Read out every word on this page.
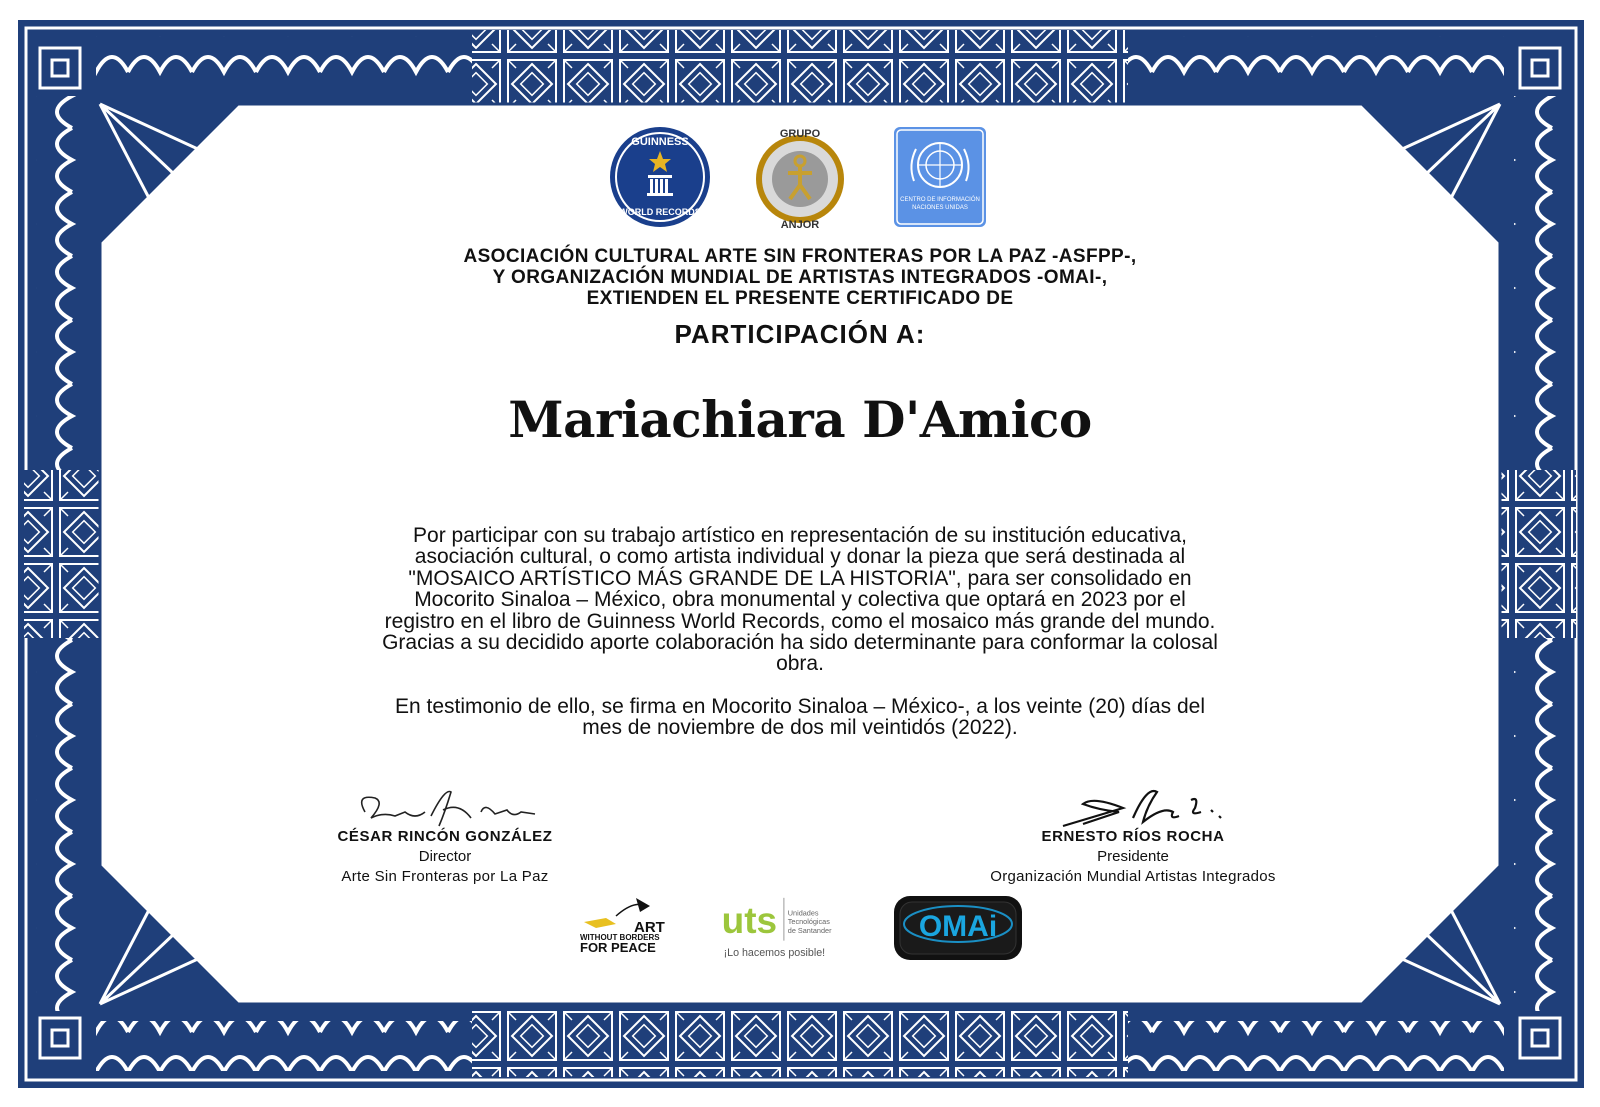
GUINNESS
WORLD RECORDS
GRUPO
ANJOR
CENTRO DE INFORMACIÓN
NACIONES UNIDAS
ASOCIACIÓN CULTURAL ARTE SIN FRONTERAS POR LA PAZ -ASFPP-,
Y ORGANIZACIÓN MUNDIAL DE ARTISTAS INTEGRADOS -OMAI-,
EXTIENDEN EL PRESENTE CERTIFICADO DE
PARTICIPACIÓN A:
Mariachiara D'Amico
Por participar con su trabajo artístico en representación de su institución educativa,
asociación cultural, o como artista individual y donar la pieza que será destinada al
"MOSAICO ARTÍSTICO MÁS GRANDE DE LA HISTORIA", para ser consolidado en
Mocorito Sinaloa – México, obra monumental y colectiva que optará en 2023 por el
registro en el libro de Guinness World Records, como el mosaico más grande del mundo.
Gracias a su decidido aporte colaboración ha sido determinante para conformar la colosal
obra.
En testimonio de ello, se firma en Mocorito Sinaloa – México-, a los veinte (20) días del
mes de noviembre de dos mil veintidós (2022).
CÉSAR RINCÓN GONZÁLEZ
Director
Arte Sin Fronteras por La Paz
ERNESTO RÍOS ROCHA
Presidente
Organización Mundial Artistas Integrados
ART
WITHOUT BORDERS
FOR PEACE
uts Unidades
Tecnológicas
de Santander
¡Lo hacemos posible!
OMAi
